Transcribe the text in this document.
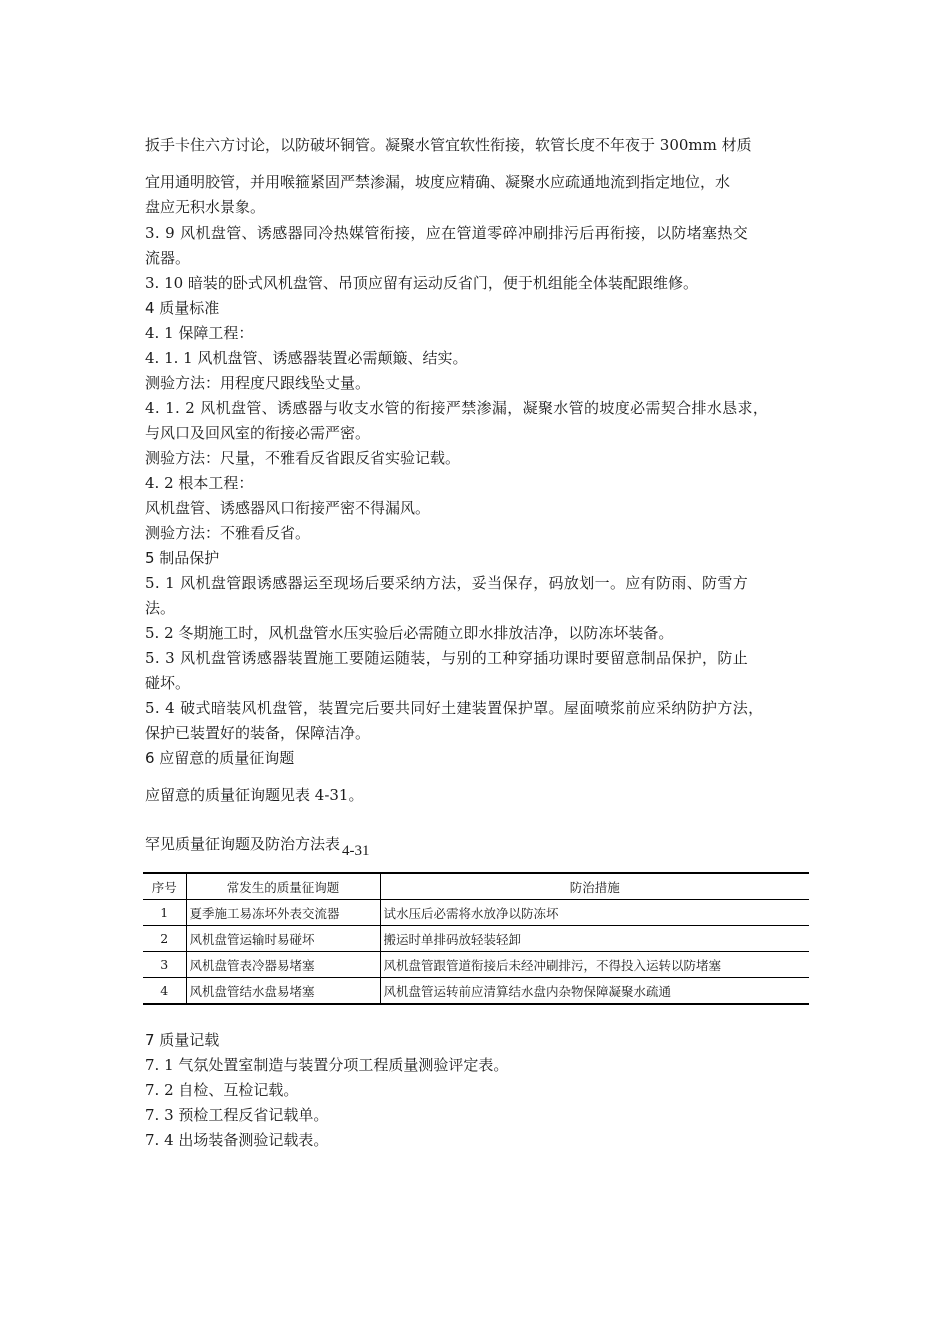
扳手卡住六方讨论，以防破坏铜管。凝聚水管宜软性衔接，软管长度不年夜于 300mm 材质
宜用通明胶管，并用喉箍紧固严禁渗漏，坡度应精确、凝聚水应疏通地流到指定地位，水
盘应无积水景象。
3. 9 风机盘管、诱感器同冷热媒管衔接，应在管道零碎冲刷排污后再衔接，以防堵塞热交
流器。
3. 10 暗装的卧式风机盘管、吊顶应留有运动反省门，便于机组能全体装配跟维修。
4 质量标准
4. 1 保障工程：
4. 1. 1 风机盘管、诱感器装置必需颠簸、结实。
测验方法：用程度尺跟线坠丈量。
4. 1. 2 风机盘管、诱感器与收支水管的衔接严禁渗漏，凝聚水管的坡度必需契合排水恳求，
与风口及回风室的衔接必需严密。
测验方法：尺量，不雅看反省跟反省实验记载。
4. 2 根本工程：
风机盘管、诱感器风口衔接严密不得漏风。
测验方法：不雅看反省。
5 制品保护
5. 1 风机盘管跟诱感器运至现场后要采纳方法，妥当保存，码放划一。应有防雨、防雪方
法。
5. 2 冬期施工时，风机盘管水压实验后必需随立即水排放洁净，以防冻坏装备。
5. 3 风机盘管诱感器装置施工要随运随装，与别的工种穿插功课时要留意制品保护，防止
碰坏。
5. 4 破式暗装风机盘管，装置完后要共同好土建装置保护罩。屋面喷浆前应采纳防护方法，
保护已装置好的装备，保障洁净。
6 应留意的质量征询题
应留意的质量征询题见表 4-31。
罕见质量征询题及防治方法表 4-31
序号	常发生的质量征询题	防治措施
1	夏季施工易冻坏外表交流器	试水压后必需将水放净以防冻坏
2	风机盘管运输时易碰坏	搬运时单排码放轻装轻卸
3	风机盘管表冷器易堵塞	风机盘管跟管道衔接后未经冲刷排污，不得投入运转以防堵塞
4	风机盘管结水盘易堵塞	风机盘管运转前应清算结水盘内杂物保障凝聚水疏通
7 质量记载
7. 1 气氛处置室制造与装置分项工程质量测验评定表。
7. 2 自检、互检记载。
7. 3 预检工程反省记载单。
7. 4 出场装备测验记载表。
